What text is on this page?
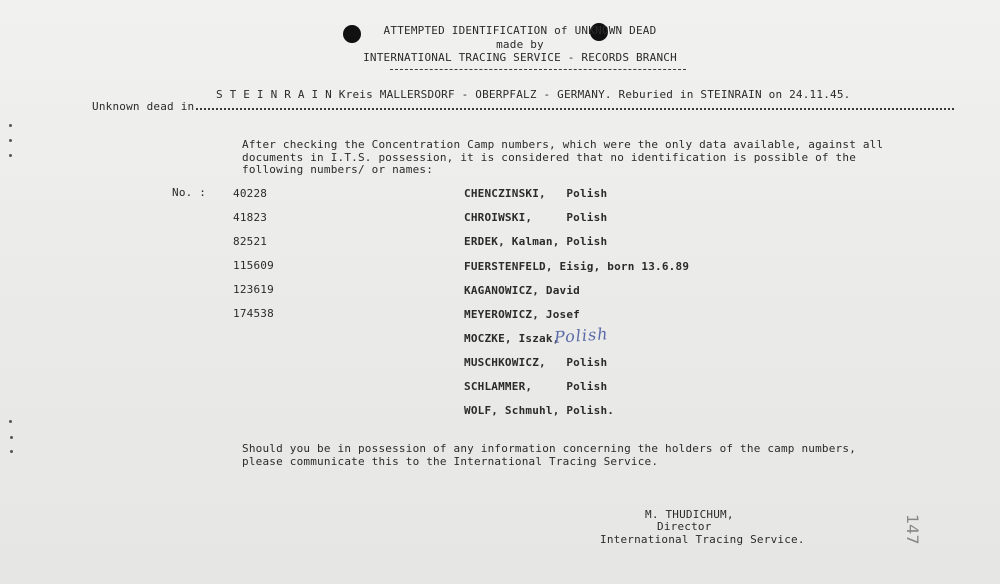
ATTEMPTED IDENTIFICATION of UNKNOWN DEAD
made by
INTERNATIONAL TRACING SERVICE - RECORDS BRANCH
S T E I N R A I N Kreis MALLERSDORF - OBERPFALZ - GERMANY. Reburied in STEINRAIN on 24.11.45.
Unknown dead in
After checking the Concentration Camp numbers, which were the only data available, against all
documents in I.T.S. possession, it is considered that no identification is possible of the
following numbers/ or names:
No. : 40228
41823
82521
115609
123619
174538
CHENCZINSKI,   Polish
CHROIWSKI,     Polish
ERDEK, Kalman, Polish
FUERSTENFELD, Eisig, born 13.6.89
KAGANOWICZ, David
MEYEROWICZ, Josef
MOCZKE, Iszak,
Polish
MUSCHKOWICZ,   Polish
SCHLAMMER,     Polish
WOLF, Schmuhl, Polish.
Should you be in possession of any information concerning the holders of the camp numbers,
please communicate this to the International Tracing Service.
M. THUDICHUM,
Director
International Tracing Service.	147
